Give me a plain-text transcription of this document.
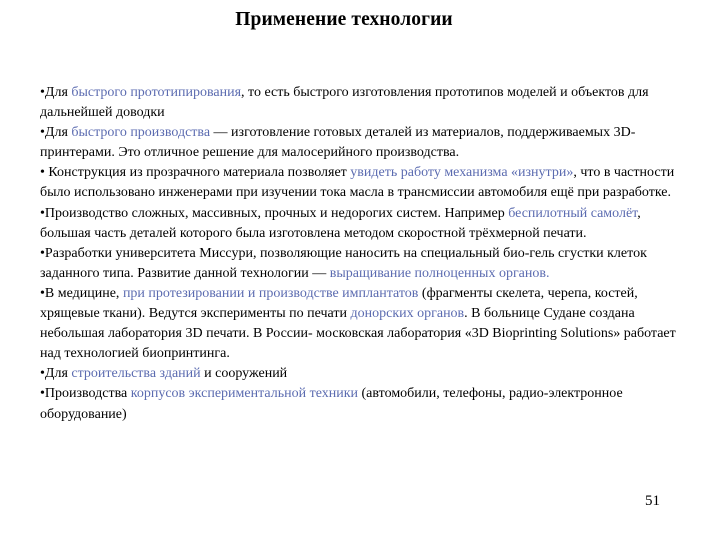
Применение технологии

•Для быстрого прототипирования, то есть быстрого изготовления прототипов моделей и объектов для дальнейшей доводки

•Для быстрого производства — изготовление готовых деталей из материалов, поддерживаемых 3D-принтерами. Это отличное решение для малосерийного производства.

• Конструкция из прозрачного материала позволяет увидеть работу механизма «изнутри», что в частности было использовано инженерами при изучении тока масла в трансмиссии автомобиля ещё при разработке.

•Производство сложных, массивных, прочных и недорогих систем. Например беспилотный самолёт, большая часть деталей которого была изготовлена методом скоростной трёхмерной печати.

•Разработки университета Миссури, позволяющие наносить на специальный био-гель сгустки клеток заданного типа. Развитие данной технологии — выращивание полноценных органов.

•В медицине, при протезировании и производстве имплантатов (фрагменты скелета, черепа, костей, хрящевые ткани). Ведутся эксперименты по печати донорских органов. В больнице Судане создана небольшая лаборатория 3D печати. В России- московская лаборатория «3D Bioprinting Solutions» работает над технологией биопринтинга.

•Для строительства зданий и сооружений

•Производства корпусов экспериментальной техники (автомобили, телефоны, радио-электронное оборудование)

51
